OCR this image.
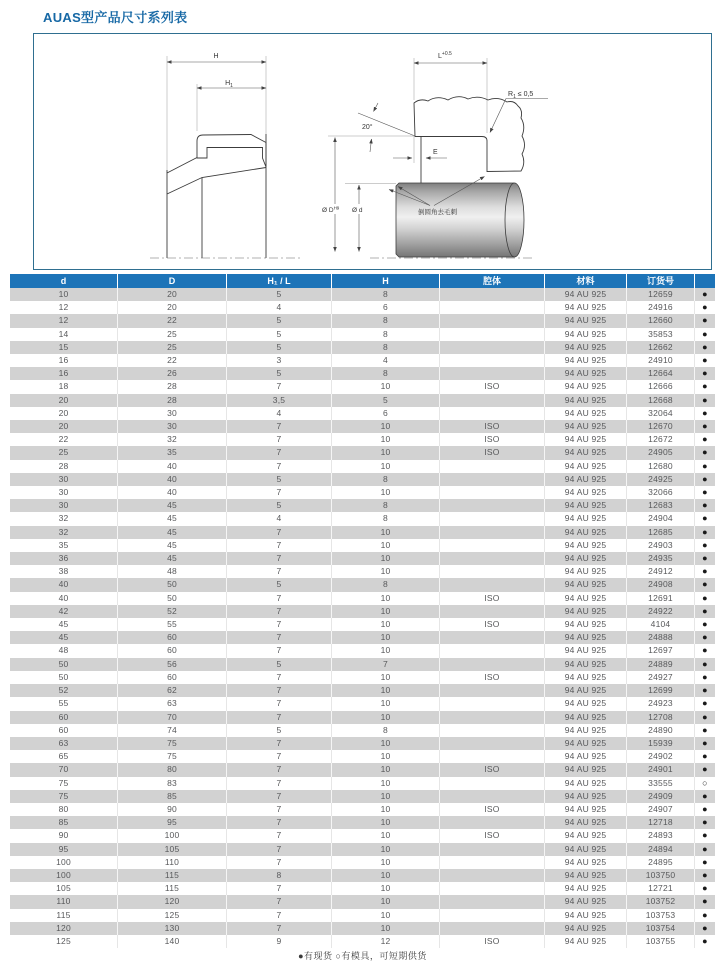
AUAS型产品尺寸系列表
H
$H_1$
$L^{+0.5}$
20°
E
$R_1 \le 0,5$
Ø $D^{H9}$ Ø d	倒圆角去毛刺
d	D	H₁ / L	H	腔体	材料	订货号	
10	20	5	8		94 AU 925	12659	●
12	20	4	6		94 AU 925	24916	●
12	22	5	8		94 AU 925	12660	●
14	25	5	8		94 AU 925	35853	●
15	25	5	8		94 AU 925	12662	●
16	22	3	4		94 AU 925	24910	●
16	26	5	8		94 AU 925	12664	●
18	28	7	10	ISO	94 AU 925	12666	●
20	28	3,5	5		94 AU 925	12668	●
20	30	4	6		94 AU 925	32064	●
20	30	7	10	ISO	94 AU 925	12670	●
22	32	7	10	ISO	94 AU 925	12672	●
25	35	7	10	ISO	94 AU 925	24905	●
28	40	7	10		94 AU 925	12680	●
30	40	5	8		94 AU 925	24925	●
30	40	7	10		94 AU 925	32066	●
30	45	5	8		94 AU 925	12683	●
32	45	4	8		94 AU 925	24904	●
32	45	7	10		94 AU 925	12685	●
35	45	7	10		94 AU 925	24903	●
36	45	7	10		94 AU 925	24935	●
38	48	7	10		94 AU 925	24912	●
40	50	5	8		94 AU 925	24908	●
40	50	7	10	ISO	94 AU 925	12691	●
42	52	7	10		94 AU 925	24922	●
45	55	7	10	ISO	94 AU 925	4104	●
45	60	7	10		94 AU 925	24888	●
48	60	7	10		94 AU 925	12697	●
50	56	5	7		94 AU 925	24889	●
50	60	7	10	ISO	94 AU 925	24927	●
52	62	7	10		94 AU 925	12699	●
55	63	7	10		94 AU 925	24923	●
60	70	7	10		94 AU 925	12708	●
60	74	5	8		94 AU 925	24890	●
63	75	7	10		94 AU 925	15939	●
65	75	7	10		94 AU 925	24902	●
70	80	7	10	ISO	94 AU 925	24901	●
75	83	7	10		94 AU 925	33555	○
75	85	7	10		94 AU 925	24909	●
80	90	7	10	ISO	94 AU 925	24907	●
85	95	7	10		94 AU 925	12718	●
90	100	7	10	ISO	94 AU 925	24893	●
95	105	7	10		94 AU 925	24894	●
100	110	7	10		94 AU 925	24895	●
100	115	8	10		94 AU 925	103750	●
105	115	7	10		94 AU 925	12721	●
110	120	7	10		94 AU 925	103752	●
115	125	7	10		94 AU 925	103753	●
120	130	7	10		94 AU 925	103754	●
125	140	9	12	ISO	94 AU 925	103755	●
●有现货 ○有模具，可短期供货
